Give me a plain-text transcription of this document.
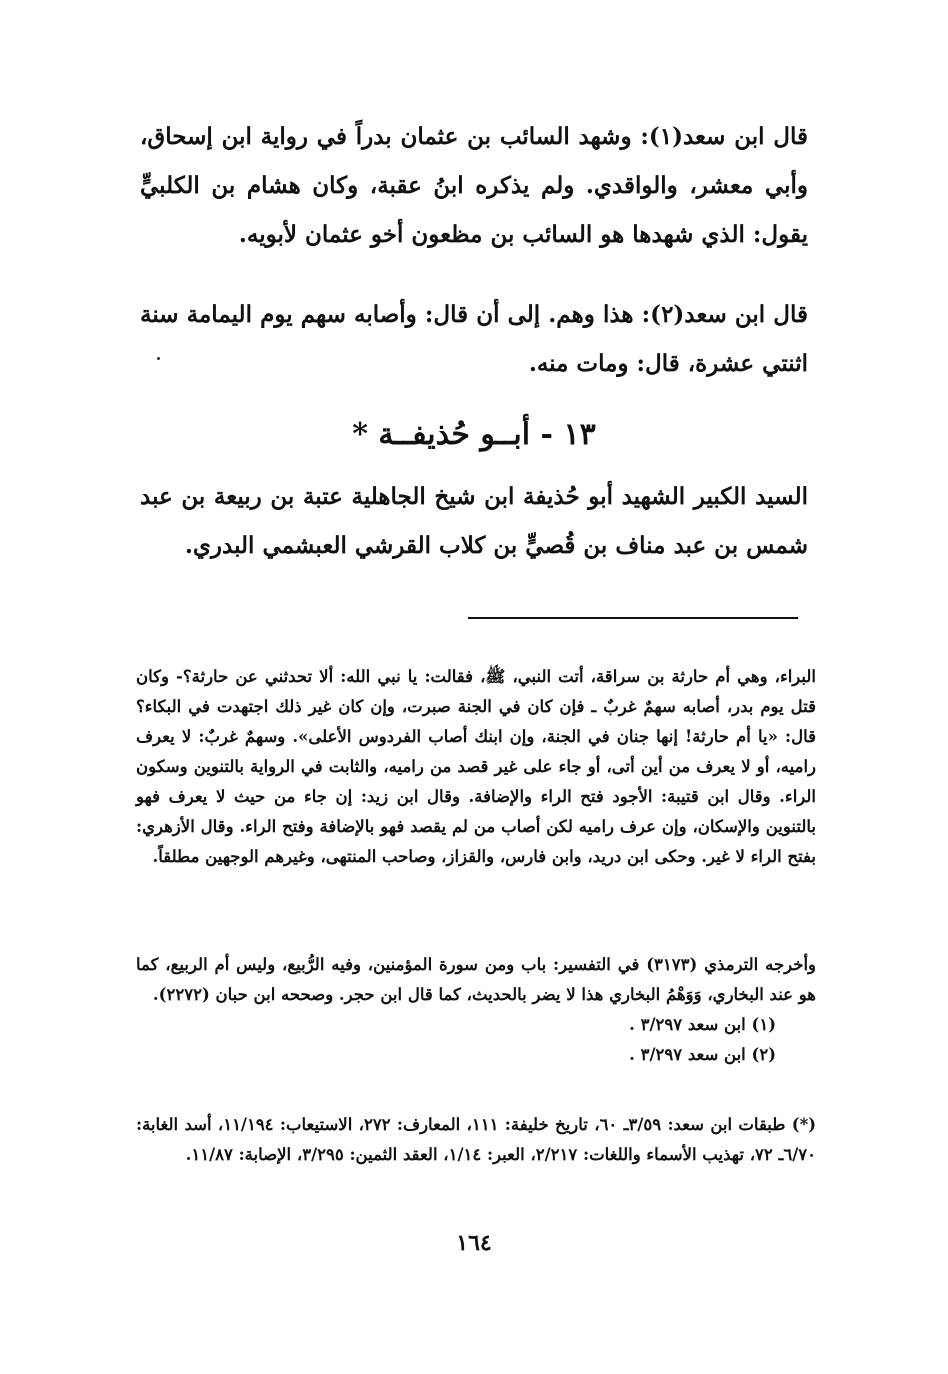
قال ابن سعد(١): وشهد السائب بن عثمان بدراً في رواية ابن إسحاق، وأبي معشر، والواقدي. ولم يذكره ابنُ عقبة، وكان هشام بن الكلبيٍّ يقول: الذي شهدها هو السائب بن مظعون أخو عثمان لأبويه.

قال ابن سعد(٢): هذا وهم. إلى أن قال: وأصابه سهم يوم اليمامة سنة اثنتي عشرة، قال: ومات منه.

١٣ - أبــو حُذيفــة *

السيد الكبير الشهيد أبو حُذيفة ابن شيخ الجاهلية عتبة بن ربيعة بن عبد شمس بن عبد مناف بن قُصيٍّ بن كلاب القرشي العبشمي البدري.

البراء، وهي أم حارثة بن سراقة، أتت النبي، ﷺ، فقالت: يا نبي الله: ألا تحدثني عن حارثة؟- وكان قتل يوم بدر، أصابه سهمٌ غربٌ ـ فإن كان في الجنة صبرت، وإن كان غير ذلك اجتهدت في البكاء؟ قال: «يا أم حارثة! إنها جنان في الجنة، وإن ابنك أصاب الفردوس الأعلى». وسهمٌ غربٌ: لا يعرف راميه، أو لا يعرف من أين أتى، أو جاء على غير قصد من راميه، والثابت في الرواية بالتنوين وسكون الراء. وقال ابن قتيبة: الأجود فتح الراء والإضافة. وقال ابن زيد: إن جاء من حيث لا يعرف فهو بالتنوين والإسكان، وإن عرف راميه لكن أصاب من لم يقصد فهو بالإضافة وفتح الراء. وقال الأزهري: بفتح الراء لا غير. وحكى ابن دريد، وابن فارس، والقزاز، وصاحب المنتهى، وغيرهم الوجهين مطلقاً.

وأخرجه الترمذي (٣١٧٣) في التفسير: باب ومن سورة المؤمنين، وفيه الرُّبيع، وليس أم الربيع، كما هو عند البخاري، وَوَهْمُ البخاري هذا لا يضر بالحديث، كما قال ابن حجر. وصححه ابن حبان (٢٢٧٢).

(١) ابن سعد ٣/٢٩٧ .
(٢) ابن سعد ٣/٢٩٧ .

(*) طبقات ابن سعد: ٣/٥٩ـ ٦٠، تاريخ خليفة: ١١١، المعارف: ٢٧٢، الاستيعاب: ١١/١٩٤، أسد الغابة: ٦/٧٠ـ ٧٢، تهذيب الأسماء واللغات: ٢/٢١٧، العبر: ١/١٤، العقد الثمين: ٣/٢٩٥، الإصابة: ١١/٨٧.

١٦٤
